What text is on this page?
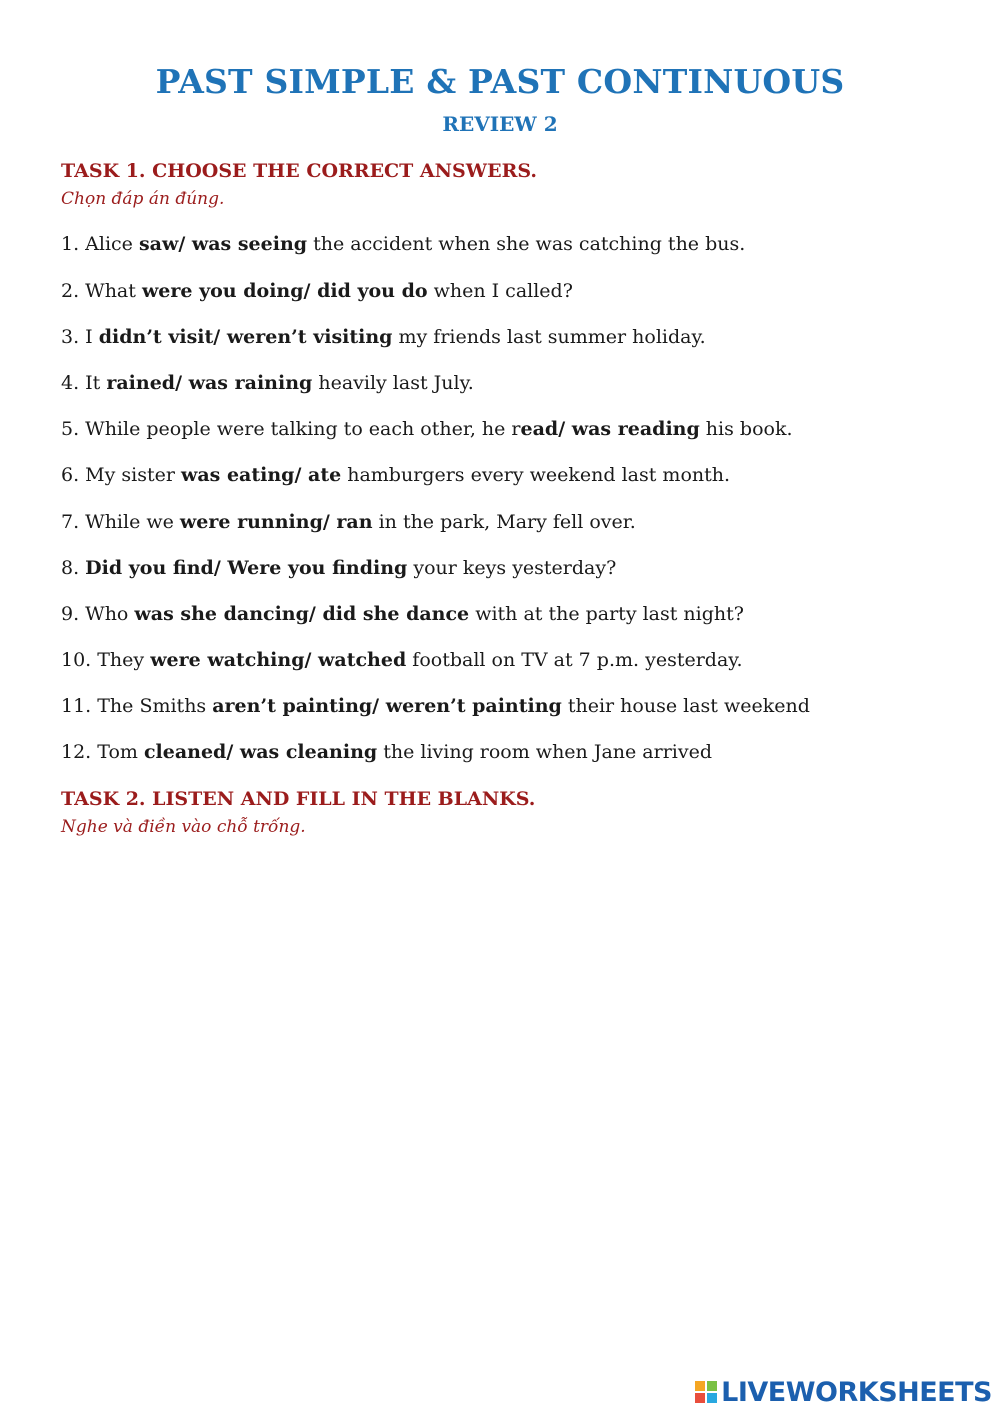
PAST SIMPLE & PAST CONTINUOUS
REVIEW 2
TASK 1. CHOOSE THE CORRECT ANSWERS.
Chọn đáp án đúng.
1. Alice saw/ was seeing the accident when she was catching the bus.
2. What were you doing/ did you do when I called?
3. I didn’t visit/ weren’t visiting my friends last summer holiday.
4. It rained/ was raining heavily last July.
5. While people were talking to each other, he read/ was reading his book.
6. My sister was eating/ ate hamburgers every weekend last month.
7. While we were running/ ran in the park, Mary fell over.
8. Did you find/ Were you finding your keys yesterday?
9. Who was she dancing/ did she dance with at the party last night?
10. They were watching/ watched football on TV at 7 p.m. yesterday.
11. The Smiths aren’t painting/ weren’t painting their house last weekend
12. Tom cleaned/ was cleaning the living room when Jane arrived
TASK 2. LISTEN AND FILL IN THE BLANKS.
Nghe và điền vào chỗ trống.
LIVEWORKSHEETS
